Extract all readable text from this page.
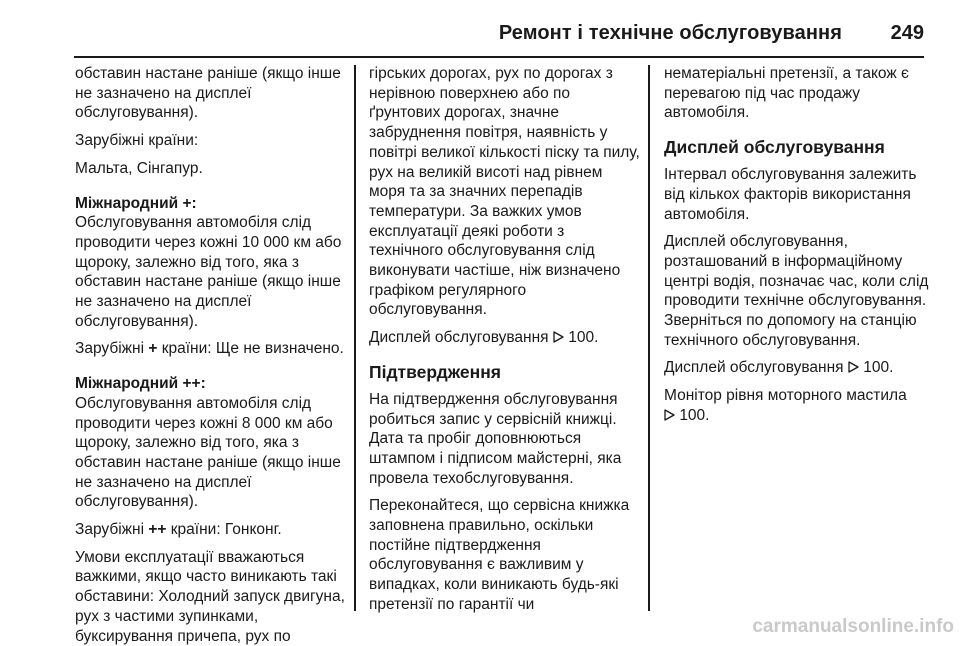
Ремонт і технічне обслуговування 249

обставин настане раніше (якщо інше не зазначено на дисплеї обслуговування).

Зарубіжні країни:

Мальта, Сінгапур.

Міжнародний +:

Обслуговування автомобіля слід проводити через кожні 10 000 км або щороку, залежно від того, яка з обставин настане раніше (якщо інше не зазначено на дисплеї обслуговування).

Зарубіжні + країни: Ще не визначено.

Міжнародний ++:

Обслуговування автомобіля слід проводити через кожні 8 000 км або щороку, залежно від того, яка з обставин настане раніше (якщо інше не зазначено на дисплеї обслуговування).

Зарубіжні ++ країни: Гонконг.

Умови експлуатації вважаються важкими, якщо часто виникають такі обставини: Холодний запуск двигуна, рух з частими зупинками, буксирування причепа, рух по

гірських дорогах, рух по дорогах з нерівною поверхнею або по ґрунтових дорогах, значне забруднення повітря, наявність у повітрі великої кількості піску та пилу, рух на великій висоті над рівнем моря та за значних перепадів температури. За важких умов експлуатації деякі роботи з технічного обслуговування слід виконувати частіше, ніж визначено графіком регулярного обслуговування.

Дисплей обслуговування 100.

Підтвердження

На підтвердження обслуговування робиться запис у сервісній книжці. Дата та пробіг доповнюються штампом і підписом майстерні, яка провела техобслуговування.

Переконайтеся, що сервісна книжка заповнена правильно, оскільки постійне підтвердження обслуговування є важливим у випадках, коли виникають будь-які претензії по гарантії чи

нематеріальні претензії, а також є перевагою під час продажу автомобіля.

Дисплей обслуговування

Інтервал обслуговування залежить від кількох факторів використання автомобіля.

Дисплей обслуговування, розташований в інформаційному центрі водія, позначає час, коли слід проводити технічне обслуговування. Зверніться по допомогу на станцію технічного обслуговування.

Дисплей обслуговування 100.

Монітор рівня моторного мастила
100.

carmanualsonline.info
